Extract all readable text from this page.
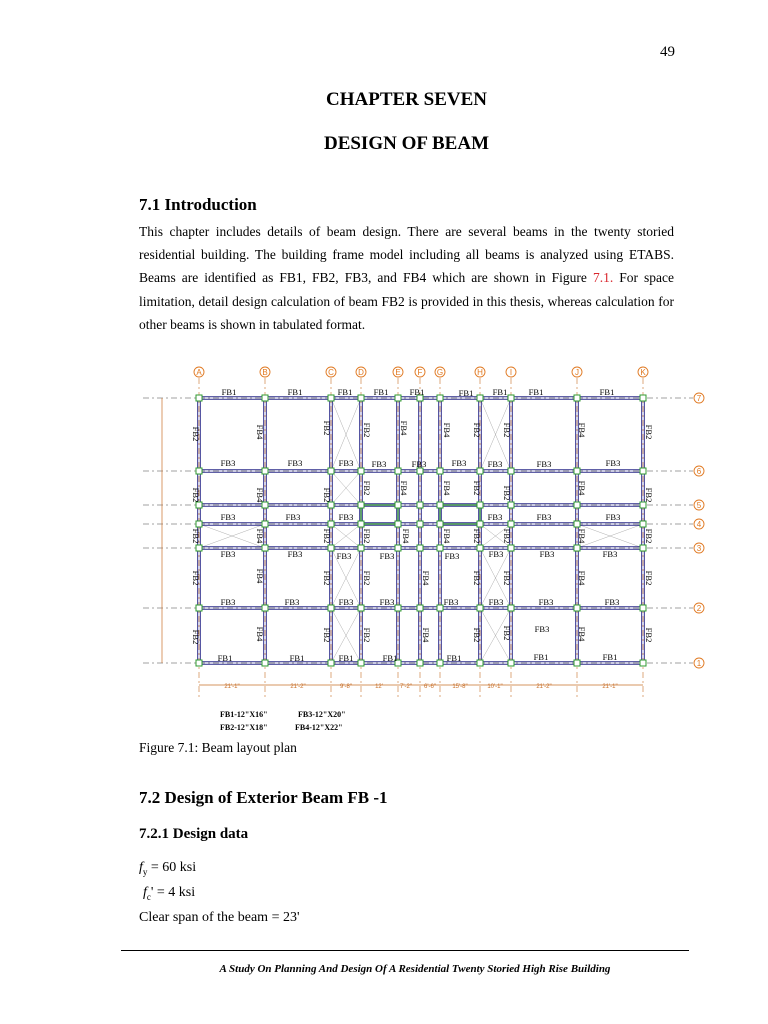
49
CHAPTER SEVEN
DESIGN OF BEAM
7.1 Introduction
This chapter includes details of beam design. There are several beams in the twenty storied residential building. The building frame model including all beams is analyzed using ETABS. Beams are identified as FB1, FB2, FB3, and FB4 which are shown in Figure 7.1. For space limitation, detail design calculation of beam FB2 is provided in this thesis, whereas calculation for other beams is shown in tabulated format.
A	B	C	D	E F G	H	I	J	K
7
6
5
4
3
2
1
FB1	FB1	FB1	FB1	FB1	FB1 FB1	FB1	FB1
FB3	FB3	FB3 FB3	FB3	FB3	FB3	FB3	FB3
FB3	FB3	FB3	FB3	FB3	FB3
FB3	FB3	FB3	FB3	FB3	FB3	FB3	FB3
FB3	FB3	FB3	FB3	FB3	FB3	FB3	FB3
FB3
FB1	FB1	FB1	FB1	FB1	FB1	FB1
FB2	FB4	FB2	FB2	FB4	FB4 FB2 FB2	FB4	FB2
FB2	FB4	FB2	FB2	FB4	FB4 FB2 FB2	FB4	FB2
FB2	FB4	FB2	FB2	FB4	FB4 FB2 FB2	FB4	FB2
FB2	FB4	FB2	FB2	FB4	FB2 FB2	FB4	FB2
FB2	FB4	FB2	FB2	FB4	FB2 FB2	FB4	FB2
21'-1"	21'-2"	9'-8"	12'	7'-2" 6'-6"	15'-8"	10'-1"	21'-2"	21'-1"
FB1-12"X16"	FB3-12"X20"
FB2-12"X18"	FB4-12"X22"
Figure 7.1: Beam layout plan
7.2 Design of Exterior Beam FB -1
7.2.1 Design data
$f_y = 60$ ksi
$f_c' = 4$ ksi
Clear span of the beam = 23'
A Study On Planning And Design Of A Residential Twenty Storied High Rise Building
